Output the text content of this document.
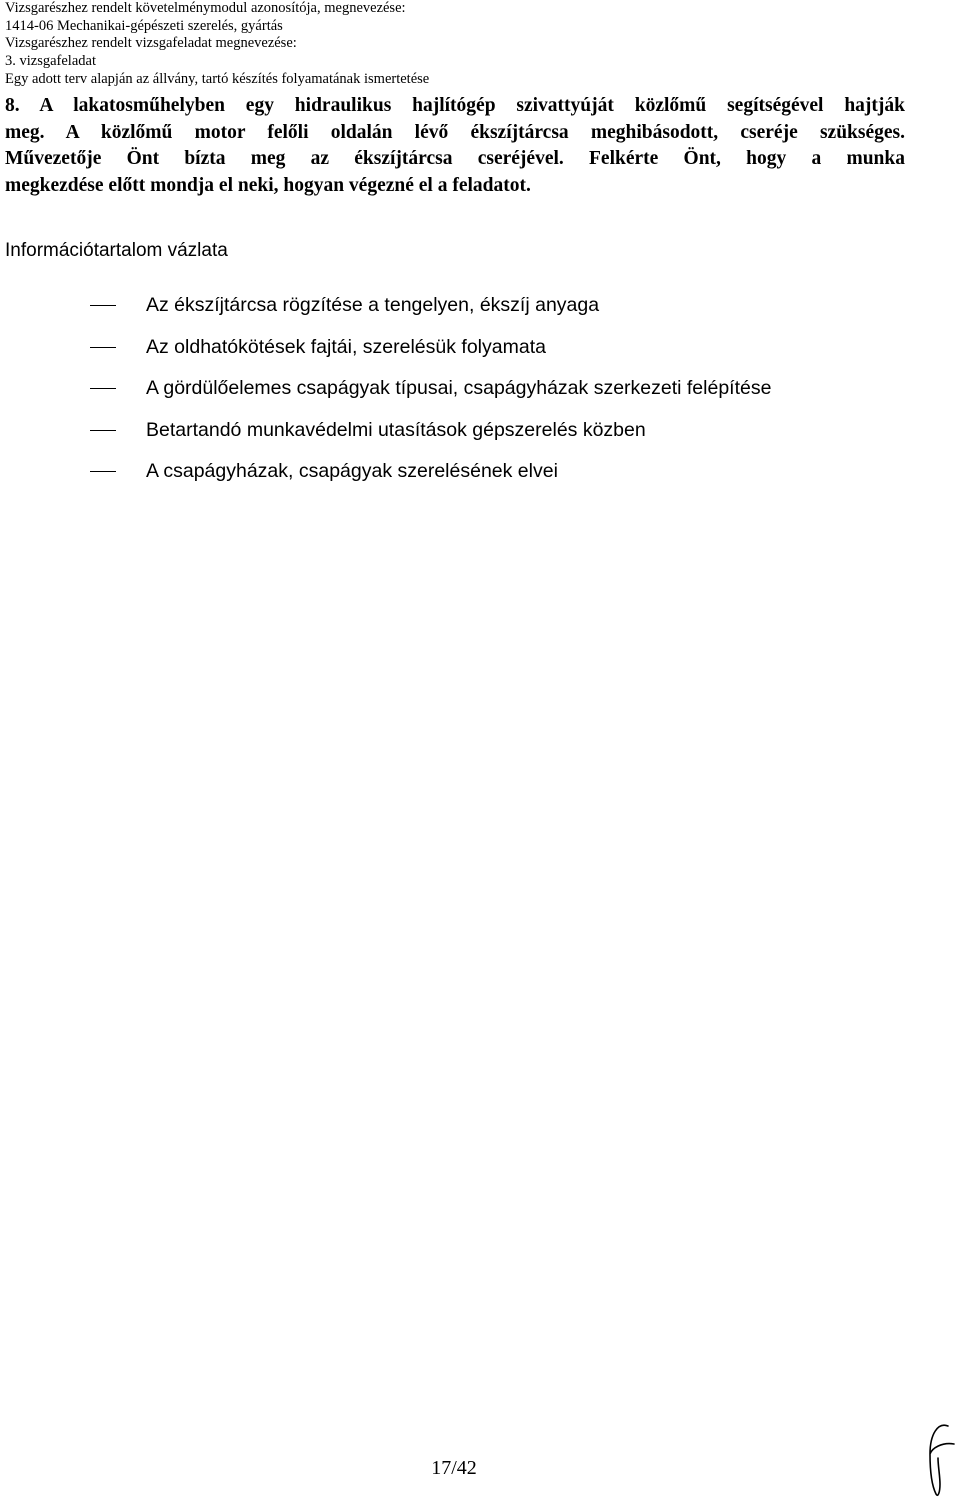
Vizsgarészhez rendelt követelménymodul azonosítója, megnevezése:
1414-06 Mechanikai-gépészeti szerelés, gyártás
Vizsgarészhez rendelt vizsgafeladat megnevezése:
3. vizsgafeladat
Egy adott terv alapján az állvány, tartó készítés folyamatának ismertetése
8. A lakatosműhelyben egy hidraulikus hajlítógép szivattyúját közlőmű segítségével hajtják
meg. A közlőmű motor felőli oldalán lévő ékszíjtárcsa meghibásodott, cseréje szükséges.
Művezetője Önt bízta meg az ékszíjtárcsa cseréjével. Felkérte Önt, hogy a munka
megkezdése előtt mondja el neki, hogyan végezné el a feladatot.
Információtartalom vázlata
Az ékszíjtárcsa rögzítése a tengelyen, ékszíj anyaga
Az oldhatókötések fajtái, szerelésük folyamata
A gördülőelemes csapágyak típusai, csapágyházak szerkezeti felépítése
Betartandó munkavédelmi utasítások gépszerelés közben
A csapágyházak, csapágyak szerelésének elvei
17/42
